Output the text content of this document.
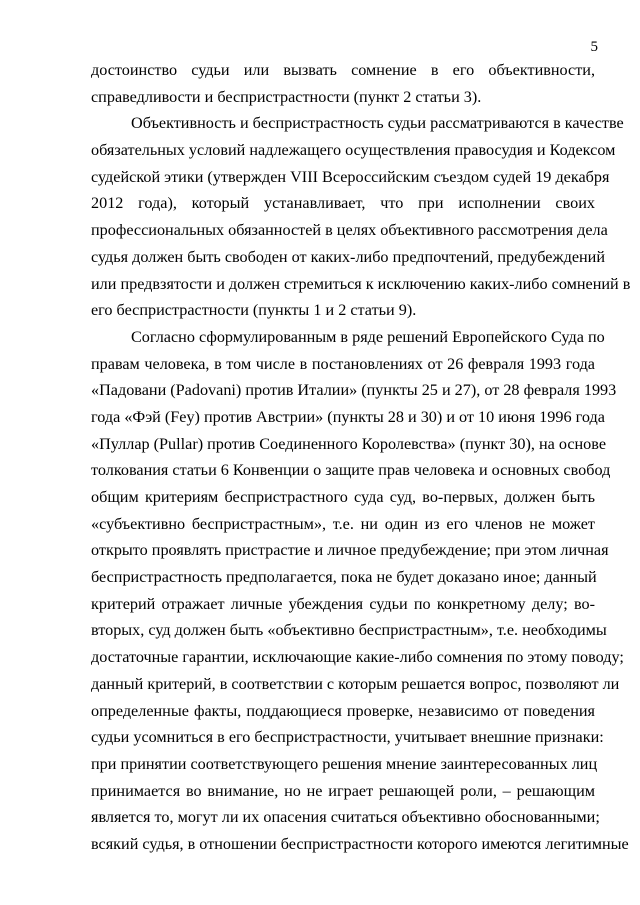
5
достоинство судьи или вызвать сомнение в его объективности,
справедливости и беспристрастности (пункт 2 статьи 3).
Объективность и беспристрастность судьи рассматриваются в качестве
обязательных условий надлежащего осуществления правосудия и Кодексом
судейской этики (утвержден VIII Всероссийским съездом судей 19 декабря
2012 года), который устанавливает, что при исполнении своих
профессиональных обязанностей в целях объективного рассмотрения дела
судья должен быть свободен от каких-либо предпочтений, предубеждений
или предвзятости и должен стремиться к исключению каких-либо сомнений в
его беспристрастности (пункты 1 и 2 статьи 9).
Согласно сформулированным в ряде решений Европейского Суда по
правам человека, в том числе в постановлениях от 26 февраля 1993 года
«Падовани (Padovani) против Италии» (пункты 25 и 27), от 28 февраля 1993
года «Фэй (Fey) против Австрии» (пункты 28 и 30) и от 10 июня 1996 года
«Пуллар (Pullar) против Соединенного Королевства» (пункт 30), на основе
толкования статьи 6 Конвенции о защите прав человека и основных свобод
общим критериям беспристрастного суда суд, во-первых, должен быть
«субъективно беспристрастным», т.е. ни один из его членов не может
открыто проявлять пристрастие и личное предубеждение; при этом личная
беспристрастность предполагается, пока не будет доказано иное; данный
критерий отражает личные убеждения судьи по конкретному делу; во-
вторых, суд должен быть «объективно беспристрастным», т.е. необходимы
достаточные гарантии, исключающие какие-либо сомнения по этому поводу;
данный критерий, в соответствии с которым решается вопрос, позволяют ли
определенные факты, поддающиеся проверке, независимо от поведения
судьи усомниться в его беспристрастности, учитывает внешние признаки:
при принятии соответствующего решения мнение заинтересованных лиц
принимается во внимание, но не играет решающей роли, – решающим
является то, могут ли их опасения считаться объективно обоснованными;
всякий судья, в отношении беспристрастности которого имеются легитимные
